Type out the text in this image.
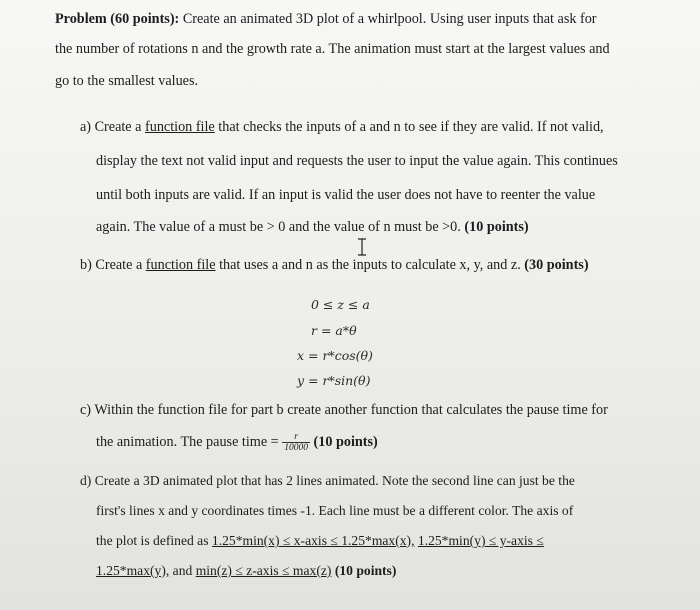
Problem (60 points): Create an animated 3D plot of a whirlpool. Using user inputs that ask for
the number of rotations n and the growth rate a. The animation must start at the largest values and
go to the smallest values.
a) Create a function file that checks the inputs of a and n to see if they are valid. If not valid,
display the text not valid input and requests the user to input the value again. This continues
until both inputs are valid. If an input is valid the user does not have to reenter the value
again. The value of a must be > 0 and the value of n must be >0. (10 points)
b) Create a function file that uses a and n as the inputs to calculate x, y, and z. (30 points)
0 ≤ z ≤ a
r = a*θ
x = r*cos(θ)
y = r*sin(θ)
c) Within the function file for part b create another function that calculates the pause time for
the animation. The pause time = $\frac{r}{10000} (10$ points)
d) Create a 3D animated plot that has 2 lines animated. Note the second line can just be the
first's lines x and y coordinates times -1. Each line must be a different color. The axis of
the plot is defined as 1.25*min(x) ≤ x-axis ≤ 1.25*max(x), 1.25*min(y) ≤ y-axis ≤
1.25*max(y), and min(z) ≤ z-axis ≤ max(z) (10 points)
